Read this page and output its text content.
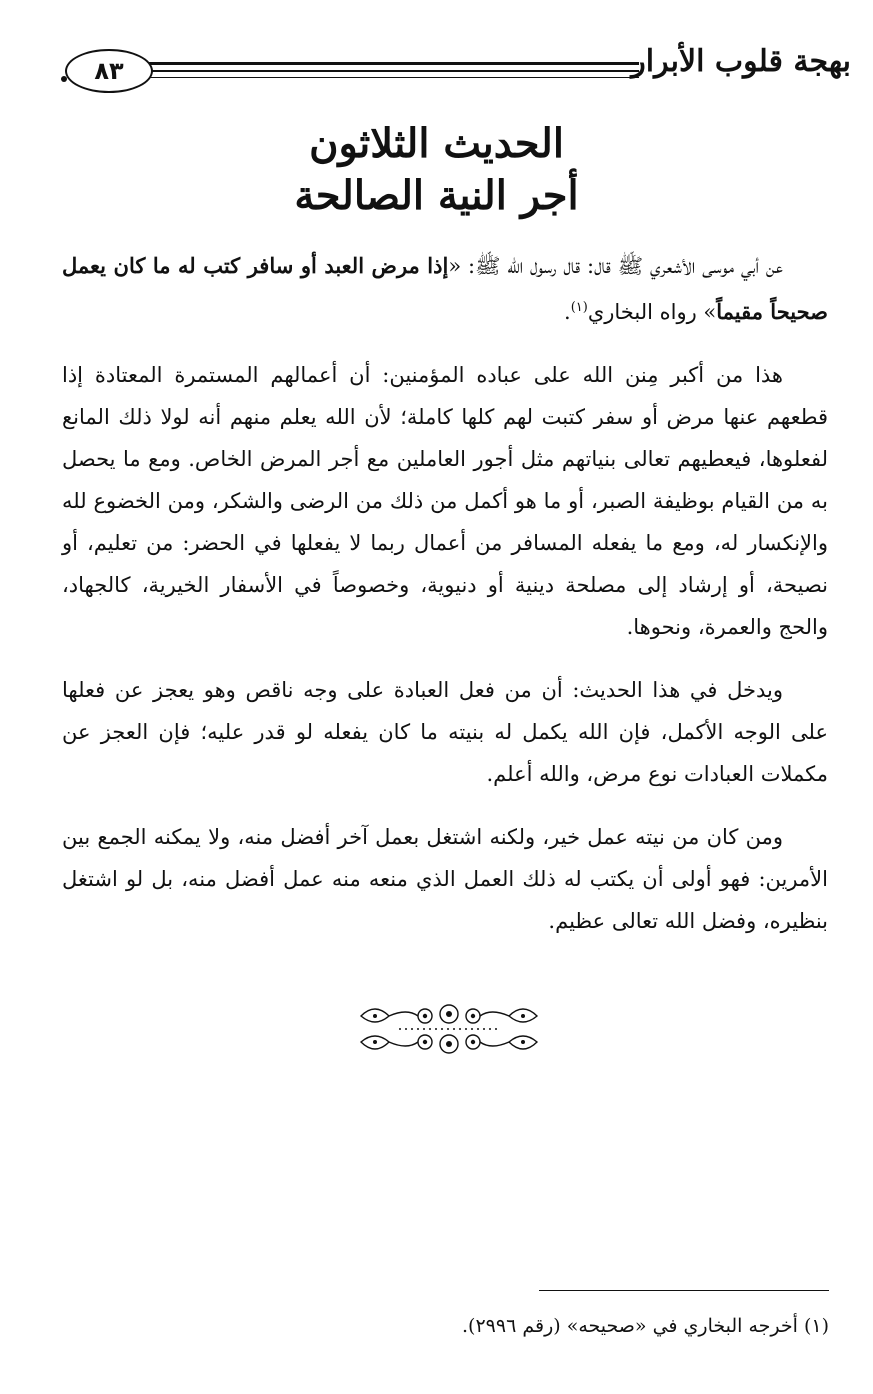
بهجة قلوب الأبرار
٨٣
الحديث الثلاثون
أجر النية الصالحة

عن أبي موسى الأشعري ﷺ قال: قال رسول الله ﷺ: «إذا مرض العبد أو سافر كتب له ما كان يعمل صحيحاً مقيماً» رواه البخاري$^{(١)}$.

هذا من أكبر مِنن الله على عباده المؤمنين: أن أعمالهم المستمرة المعتادة إذا قطعهم عنها مرض أو سفر كتبت لهم كلها كاملة؛ لأن الله يعلم منهم أنه لولا ذلك المانع لفعلوها، فيعطيهم تعالى بنياتهم مثل أجور العاملين مع أجر المرض الخاص. ومع ما يحصل به من القيام بوظيفة الصبر، أو ما هو أكمل من ذلك من الرضى والشكر، ومن الخضوع لله والإنكسار له، ومع ما يفعله المسافر من أعمال ربما لا يفعلها في الحضر: من تعليم، أو نصيحة، أو إرشاد إلى مصلحة دينية أو دنيوية، وخصوصاً في الأسفار الخيرية، كالجهاد، والحج والعمرة، ونحوها.

ويدخل في هذا الحديث: أن من فعل العبادة على وجه ناقص وهو يعجز عن فعلها على الوجه الأكمل، فإن الله يكمل له بنيته ما كان يفعله لو قدر عليه؛ فإن العجز عن مكملات العبادات نوع مرض، والله أعلم.

ومن كان من نيته عمل خير، ولكنه اشتغل بعمل آخر أفضل منه، ولا يمكنه الجمع بين الأمرين: فهو أولى أن يكتب له ذلك العمل الذي منعه منه عمل أفضل منه، بل لو اشتغل بنظيره، وفضل الله تعالى عظيم.

(١) أخرجه البخاري في «صحيحه» (رقم ٢٩٩٦).
